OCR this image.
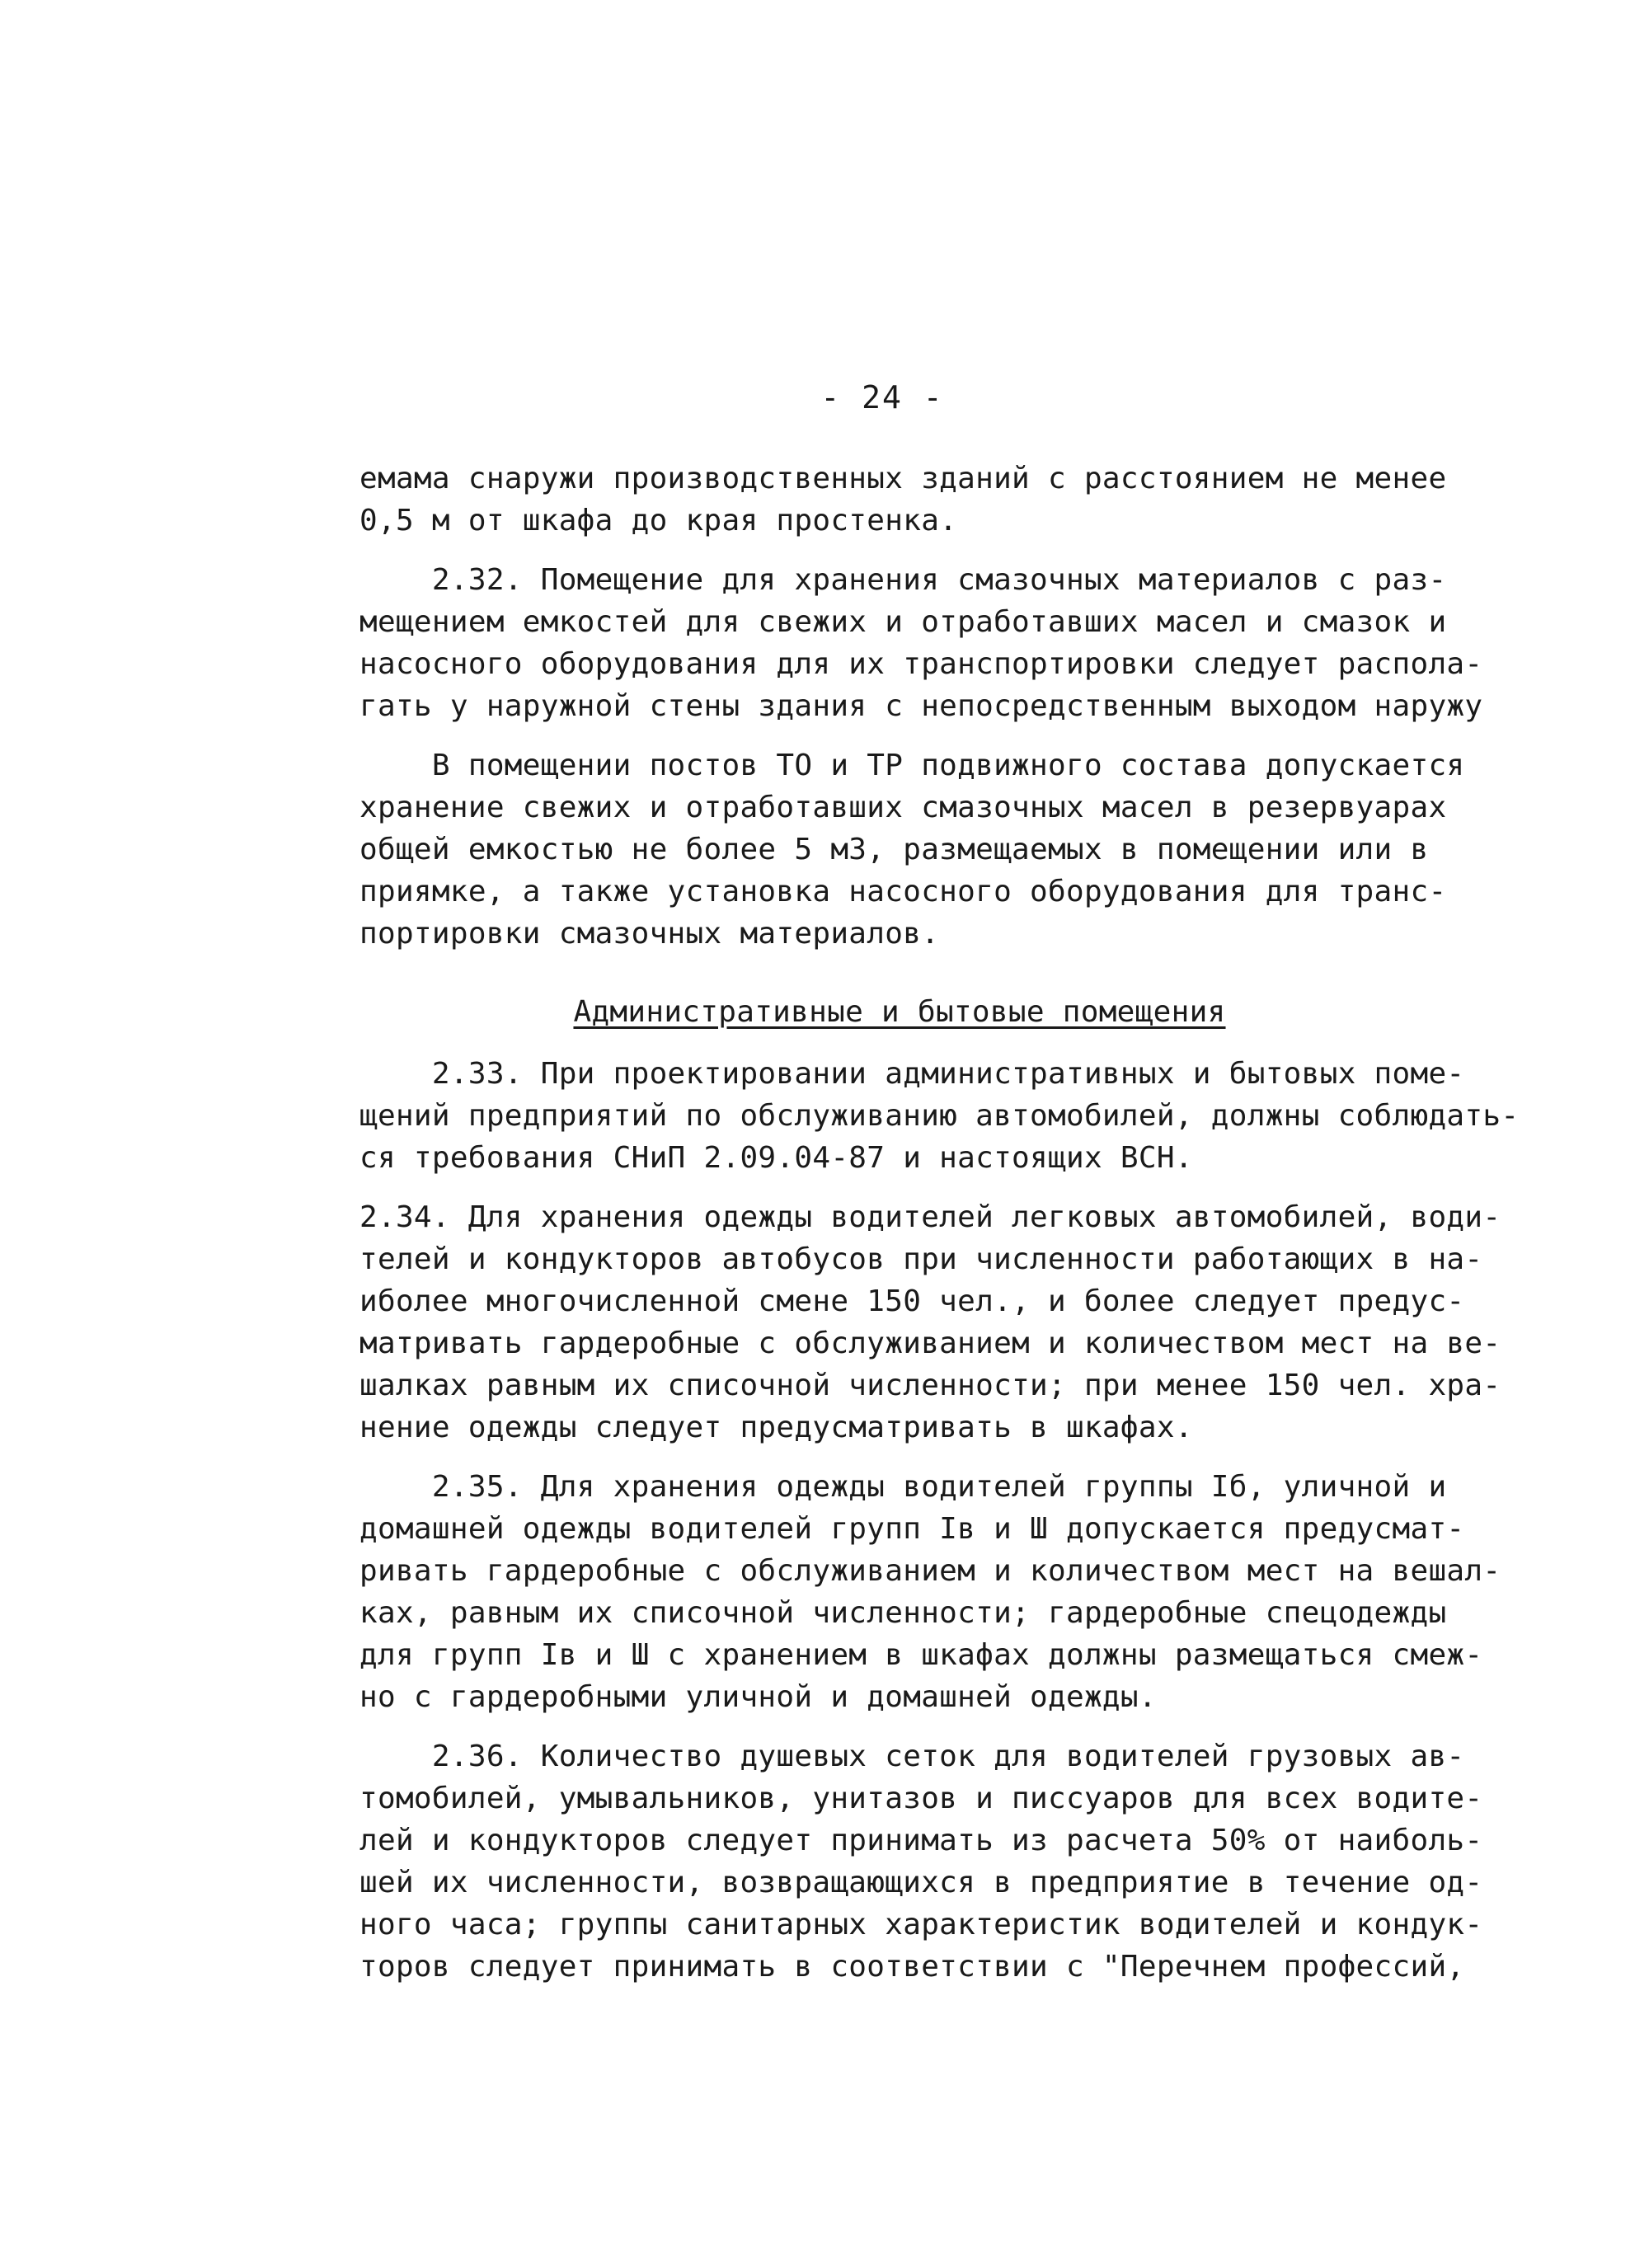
- 24 -

емама снаружи производственных зданий с расстоянием не менее
0,5 м от шкафа до края простенка.

2.32. Помещение для хранения смазочных материалов с раз-
мещением емкостей для свежих и отработавших масел и смазок и
насосного оборудования для их транспортировки следует распола-
гать у наружной стены здания с непосредственным выходом наружу

В помещении постов ТО и ТР подвижного состава допускается
хранение свежих и отработавших смазочных масел в резервуарах
общей емкостью не более 5 м3, размещаемых в помещении или в
приямке, а также установка насосного оборудования для транс-
портировки смазочных материалов.

Административные и бытовые помещения

2.33. При проектировании административных и бытовых поме-
щений предприятий по обслуживанию автомобилей, должны соблюдать-
ся требования СНиП 2.09.04-87 и настоящих ВСН.

2.34. Для хранения одежды водителей легковых автомобилей, води-
телей и кондукторов автобусов при численности работающих в на-
иболее многочисленной смене 150 чел., и более следует предус-
матривать гардеробные с обслуживанием и количеством мест на ве-
шалках равным их списочной численности; при менее 150 чел. хра-
нение одежды следует предусматривать в шкафах.

2.35. Для хранения одежды водителей группы Iб, уличной и
домашней одежды водителей групп Iв и Ш допускается предусмат-
ривать гардеробные с обслуживанием и количеством мест на вешал-
ках, равным их списочной численности; гардеробные спецодежды
для групп Iв и Ш с хранением в шкафах должны размещаться смеж-
но с гардеробными уличной и домашней одежды.

2.36. Количество душевых сеток для водителей грузовых ав-
томобилей, умывальников, унитазов и писсуаров для всех водите-
лей и кондукторов следует принимать из расчета 50% от наиболь-
шей их численности, возвращающихся в предприятие в течение од-
ного часа; группы санитарных характеристик водителей и кондук-
торов следует принимать в соответствии с "Перечнем профессий,
